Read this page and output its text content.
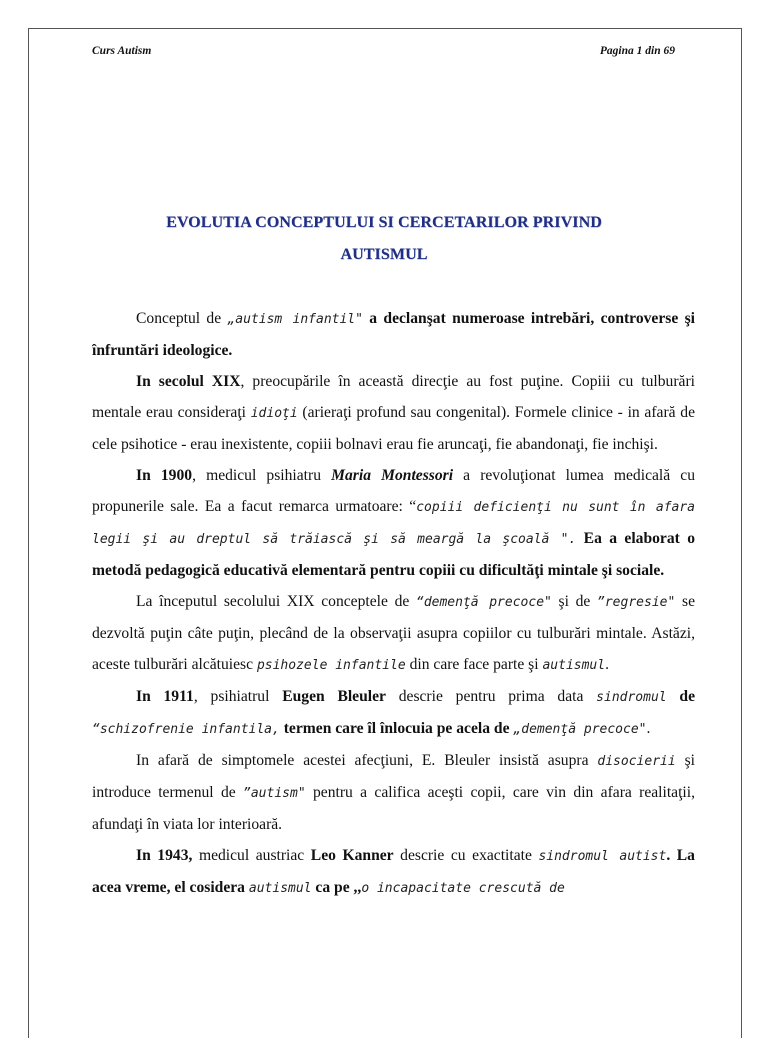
Curs Autism	Pagina 1 din 69
EVOLUTIA CONCEPTULUI SI CERCETARILOR PRIVIND
AUTISMUL

Conceptul de „autism infantil" a declanşat numeroase intrebări, controverse şi înfruntări ideologice.

In secolul XIX, preocupările în această direcţie au fost puţine. Copiii cu tulburări mentale erau consideraţi idioţi (arieraţi profund sau congenital). Formele clinice - in afară de cele psihotice - erau inexistente, copiii bolnavi erau fie aruncaţi, fie abandonaţi, fie inchişi.

In 1900, medicul psihiatru Maria Montessori a revoluţionat lumea medicală cu propunerile sale. Ea a facut remarca urmatoare: “copiii deficienţi nu sunt în afara legii şi au dreptul să trăiască şi să meargă la şcoală ". Ea a elaborat o metodă pedagogică educativă elementară pentru copiii cu dificultăţi mintale şi sociale.

La începutul secolului XIX conceptele de “demenţă precoce" şi de ”regresie" se dezvoltă puţin câte puţin, plecând de la observaţii asupra copiilor cu tulburări mintale. Astăzi, aceste tulburări alcătuiesc psihozele infantile din care face parte şi autismul.

In 1911, psihiatrul Eugen Bleuler descrie pentru prima data sindromul de “schizofrenie infantila, termen care îl înlocuia pe acela de „demenţă precoce".

In afară de simptomele acestei afecţiuni, E. Bleuler insistă asupra disocierii şi introduce termenul de ”autism" pentru a califica aceşti copii, care vin din afara realitaţii, afundaţi în viata lor interioară.

In 1943, medicul austriac Leo Kanner descrie cu exactitate sindromul autist. La acea vreme, el cosidera autismul ca pe ,,o incapacitate crescută de
